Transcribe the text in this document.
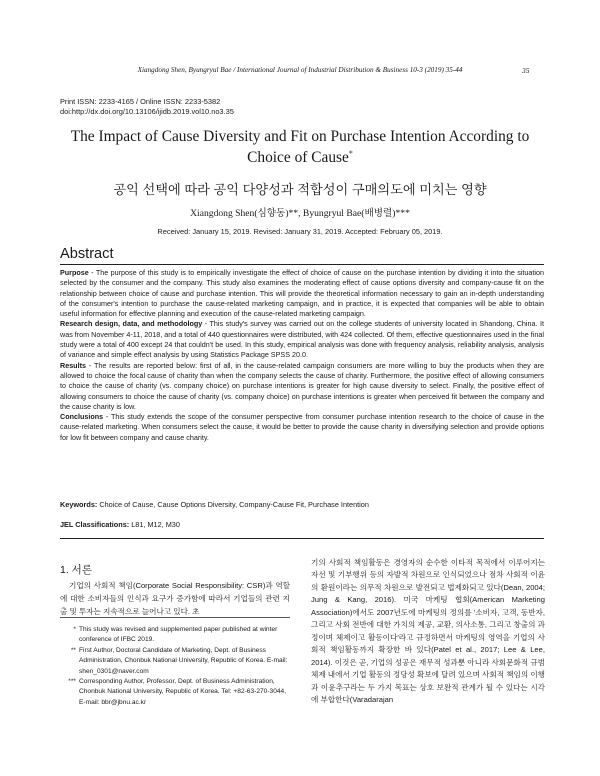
Xiangdong Shen, Byungryul Bae / International Journal of Industrial Distribution & Business 10-3 (2019) 35-44	35
Print ISSN: 2233-4165 / Online ISSN: 2233-5382
doi:http://dx.doi.org/10.13106/ijidb.2019.vol10.no3.35
The Impact of Cause Diversity and Fit on Purchase Intention According to
Choice of Cause*
공익 선택에 따라 공익 다양성과 적합성이 구매의도에 미치는 영향
Xiangdong Shen(심향동)**, Byungryul Bae(배병렬)***
Received: January 15, 2019. Revised: January 31, 2019. Accepted: February 05, 2019.
Abstract

Purpose - The purpose of this study is to empirically investigate the effect of choice of cause on the purchase intention by dividing it into the situation selected by the consumer and the company. This study also examines the moderating effect of cause options diversity and company-cause fit on the relationship between choice of cause and purchase intention. This will provide the theoretical information necessary to gain an in-depth understanding of the consumer's intention to purchase the cause-related marketing campaign, and in practice, it is expected that companies will be able to obtain useful information for effective planning and execution of the cause-related marketing campaign.

Research design, data, and methodology - This study's survey was carried out on the college students of university located in Shandong, China. It was from November 4-11, 2018, and a total of 440 questionnaires were distributed, with 424 collected. Of them, effective questionnaires used in the final study were a total of 400 except 24 that couldn't be used. In this study, empirical analysis was done with frequency analysis, reliability analysis, analysis of variance and simple effect analysis by using Statistics Package SPSS 20.0.

Results - The results are reported below: first of all, in the cause-related campaign consumers are more willing to buy the products when they are allowed to choice the focal cause of charity than when the company selects the cause of charity. Furthermore, the positive effect of allowing consumers to choice the cause of charity (vs. company choice) on purchase intentions is greater for high cause diversity to select. Finally, the positive effect of allowing consumers to choice the cause of charity (vs. company choice) on purchase intentions is greater when perceived fit between the company and the cause charity is low.

Conclusions - This study extends the scope of the consumer perspective from consumer purchase intention research to the choice of cause in the cause-related marketing. When consumers select the cause, it would be better to provide the cause charity in diversifying selection and provide options for low fit between company and cause charity.

Keywords: Choice of Cause, Cause Options Diversity, Company-Cause Fit, Purchase Intention
JEL Classifications: L81, M12, M30
1. 서론

기업의 사회적 책임(Corporate Social Responsibility: CSR)과 역할에 대한 소비자들의 인식과 요구가 증가함에 따라서 기업들의 관련 지출 및 투자는 지속적으로 늘어나고 있다. 초

* This study was revised and supplemented paper published at winter conference of IFBC 2019.
** First Author, Doctoral Candidate of Marketing, Dept. of Business Administration, Chonbuk National University, Republic of Korea. E-mail: shen_0301@naver.com
*** Corresponding Author, Professor, Dept. of Business Administration, Chonbuk National University, Republic of Korea. Tel: +82-63-270-3044, E-mail: bbr@jbnu.ac.kr

기의 사회적 책임활동은 경영자의 순수한 이타적 목적에서 이루어지는 자선 및 기부행위 등의 자발적 차원으로 인식되었으나 점차 사회적 이윤의 환원이라는 의무적 차원으로 발전되고 법제화되고 있다(Dean, 2004; Jung & Kang, 2016). 미국 마케팅 협회(American Marketing Association)에서도 2007년도에 마케팅의 정의를 '소비자, 고객, 동반자, 그리고 사회 전반에 대한 가치의 제공, 교환, 의사소통, 그리고 창출의 과정이며 체제이고 활동이다'라고 규정하면서 마케팅의 영역을 기업의 사회적 책임활동까지 확장한 바 있다(Patel et al., 2017; Lee & Lee, 2014). 이것은 곧, 기업의 성공은 재무적 성과뿐 아니라 사회문화적 규범체제 내에서 기업 활동의 정당성 확보에 달려 있으며 사회적 책임의 이행과 이윤추구라는 두 가지 목표는 상호 보완적 관계가 될 수 있다는 시각에 부합한다(Varadarajan
